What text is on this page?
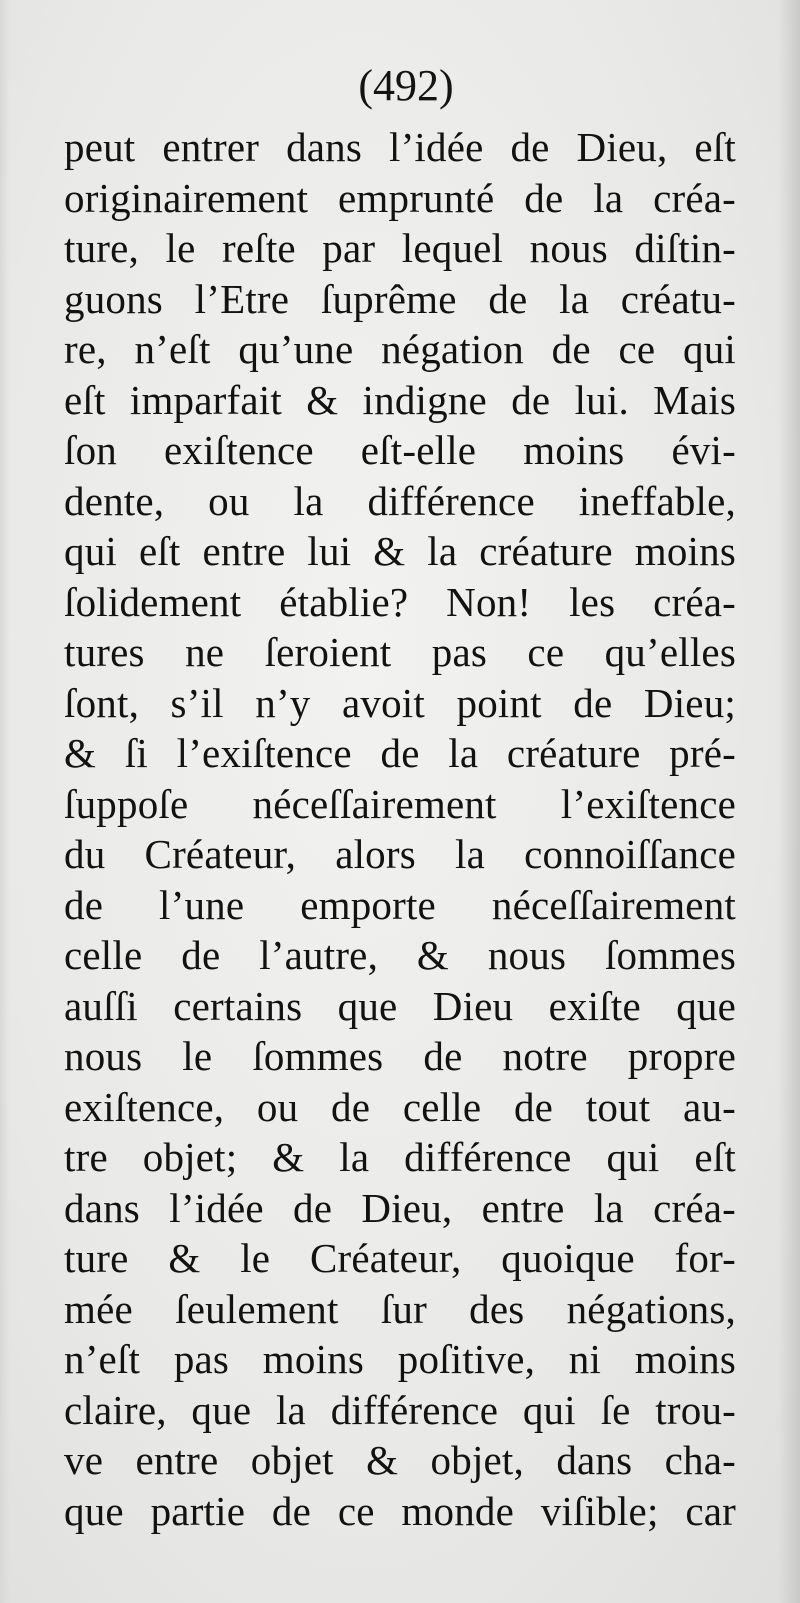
(492)
peut entrer dans l’idée de Dieu, eſt
originairement emprunté de la créa-
ture, le reſte par lequel nous diſtin-
guons l’Etre ſuprême de la créatu-
re, n’eſt qu’une négation de ce qui
eſt imparfait & indigne de lui. Mais
ſon exiſtence eſt-elle moins évi-
dente, ou la différence ineffable,
qui eſt entre lui & la créature moins
ſolidement établie? Non! les créa-
tures ne ſeroient pas ce qu’elles
ſont, s’il n’y avoit point de Dieu;
& ſi l’exiſtence de la créature pré-
ſuppoſe néceſſairement l’exiſtence
du Créateur, alors la connoiſſance
de l’une emporte néceſſairement
celle de l’autre, & nous ſommes
auſſi certains que Dieu exiſte que
nous le ſommes de notre propre
exiſtence, ou de celle de tout au-
tre objet; & la différence qui eſt
dans l’idée de Dieu, entre la créa-
ture & le Créateur, quoique for-
mée ſeulement ſur des négations,
n’eſt pas moins poſitive, ni moins
claire, que la différence qui ſe trou-
ve entre objet & objet, dans cha-
que partie de ce monde viſible; car
